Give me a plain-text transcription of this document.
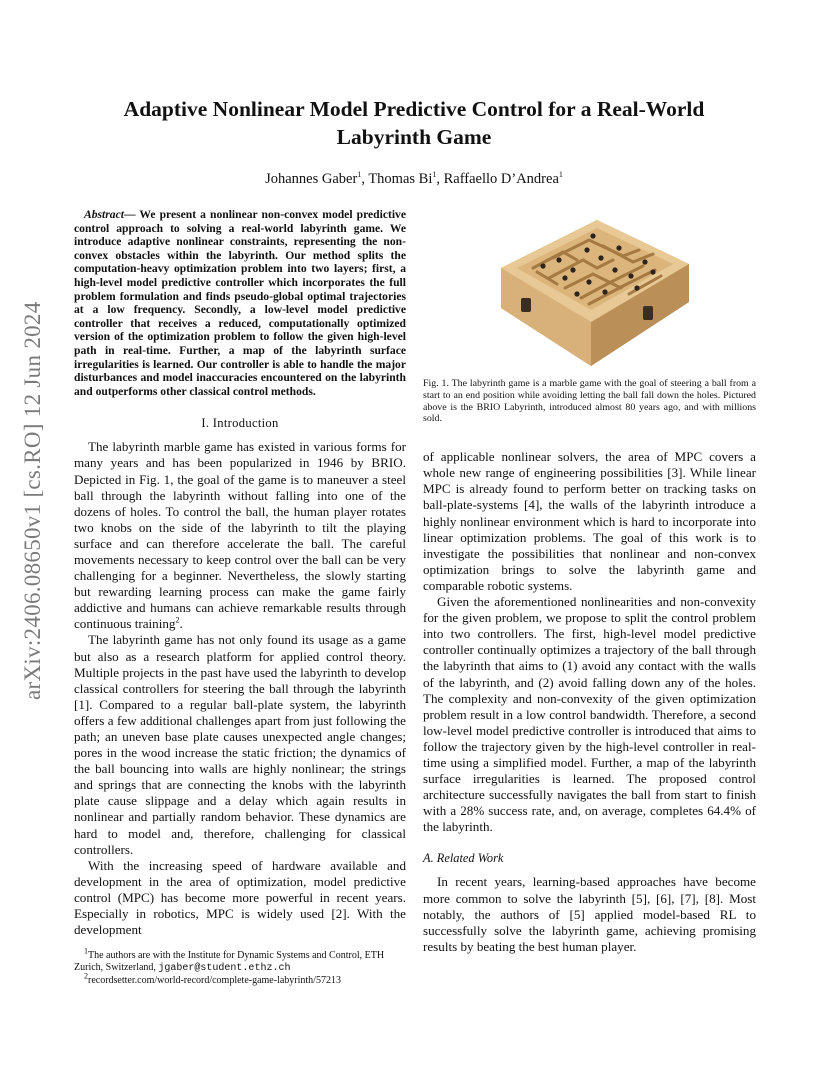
Adaptive Nonlinear Model Predictive Control for a Real-World Labyrinth Game
Johannes Gaber$^1$, Thomas Bi$^1$, Raffaello D’Andrea$^1$
arXiv:2406.08650v1 [cs.RO] 12 Jun 2024

Abstract— We present a nonlinear non-convex model predictive control approach to solving a real-world labyrinth game. We introduce adaptive nonlinear constraints, representing the non-convex obstacles within the labyrinth. Our method splits the computation-heavy optimization problem into two layers; first, a high-level model predictive controller which incorporates the full problem formulation and finds pseudo-global optimal trajectories at a low frequency. Secondly, a low-level model predictive controller that receives a reduced, computationally optimized version of the optimization problem to follow the given high-level path in real-time. Further, a map of the labyrinth surface irregularities is learned. Our controller is able to handle the major disturbances and model inaccuracies encountered on the labyrinth and outperforms other classical control methods.

I. Introduction

The labyrinth marble game has existed in various forms for many years and has been popularized in 1946 by BRIO. Depicted in Fig. 1, the goal of the game is to maneuver a steel ball through the labyrinth without falling into one of the dozens of holes. To control the ball, the human player rotates two knobs on the side of the labyrinth to tilt the playing surface and can therefore accelerate the ball. The careful movements necessary to keep control over the ball can be very challenging for a beginner. Nevertheless, the slowly starting but rewarding learning process can make the game fairly addictive and humans can achieve remarkable results through continuous training$^2$.

The labyrinth game has not only found its usage as a game but also as a research platform for applied control theory. Multiple projects in the past have used the labyrinth to develop classical controllers for steering the ball through the labyrinth [1]. Compared to a regular ball-plate system, the labyrinth offers a few additional challenges apart from just following the path; an uneven base plate causes unexpected angle changes; pores in the wood increase the static friction; the dynamics of the ball bouncing into walls are highly nonlinear; the strings and springs that are connecting the knobs with the labyrinth plate cause slippage and a delay which again results in nonlinear and partially random behavior. These dynamics are hard to model and, therefore, challenging for classical controllers.

With the increasing speed of hardware available and development in the area of optimization, model predictive control (MPC) has become more powerful in recent years. Especially in robotics, MPC is widely used [2]. With the development

$^1$The authors are with the Institute for Dynamic Systems and Control, ETH Zurich, Switzerland, jgaber@student.ethz.ch

$^2$recordsetter.com/world-record/complete-game-labyrinth/57213

Fig. 1. The labyrinth game is a marble game with the goal of steering a ball from a start to an end position while avoiding letting the ball fall down the holes. Pictured above is the BRIO Labyrinth, introduced almost 80 years ago, and with millions sold.

of applicable nonlinear solvers, the area of MPC covers a whole new range of engineering possibilities [3]. While linear MPC is already found to perform better on tracking tasks on ball-plate-systems [4], the walls of the labyrinth introduce a highly nonlinear environment which is hard to incorporate into linear optimization problems. The goal of this work is to investigate the possibilities that nonlinear and non-convex optimization brings to solve the labyrinth game and comparable robotic systems.

Given the aforementioned nonlinearities and non-convexity for the given problem, we propose to split the control problem into two controllers. The first, high-level model predictive controller continually optimizes a trajectory of the ball through the labyrinth that aims to (1) avoid any contact with the walls of the labyrinth, and (2) avoid falling down any of the holes. The complexity and non-convexity of the given optimization problem result in a low control bandwidth. Therefore, a second low-level model predictive controller is introduced that aims to follow the trajectory given by the high-level controller in real-time using a simplified model. Further, a map of the labyrinth surface irregularities is learned. The proposed control architecture successfully navigates the ball from start to finish with a 28% success rate, and, on average, completes 64.4% of the labyrinth.

A. Related Work

In recent years, learning-based approaches have become more common to solve the labyrinth [5], [6], [7], [8]. Most notably, the authors of [5] applied model-based RL to successfully solve the labyrinth game, achieving promising results by beating the best human player.
